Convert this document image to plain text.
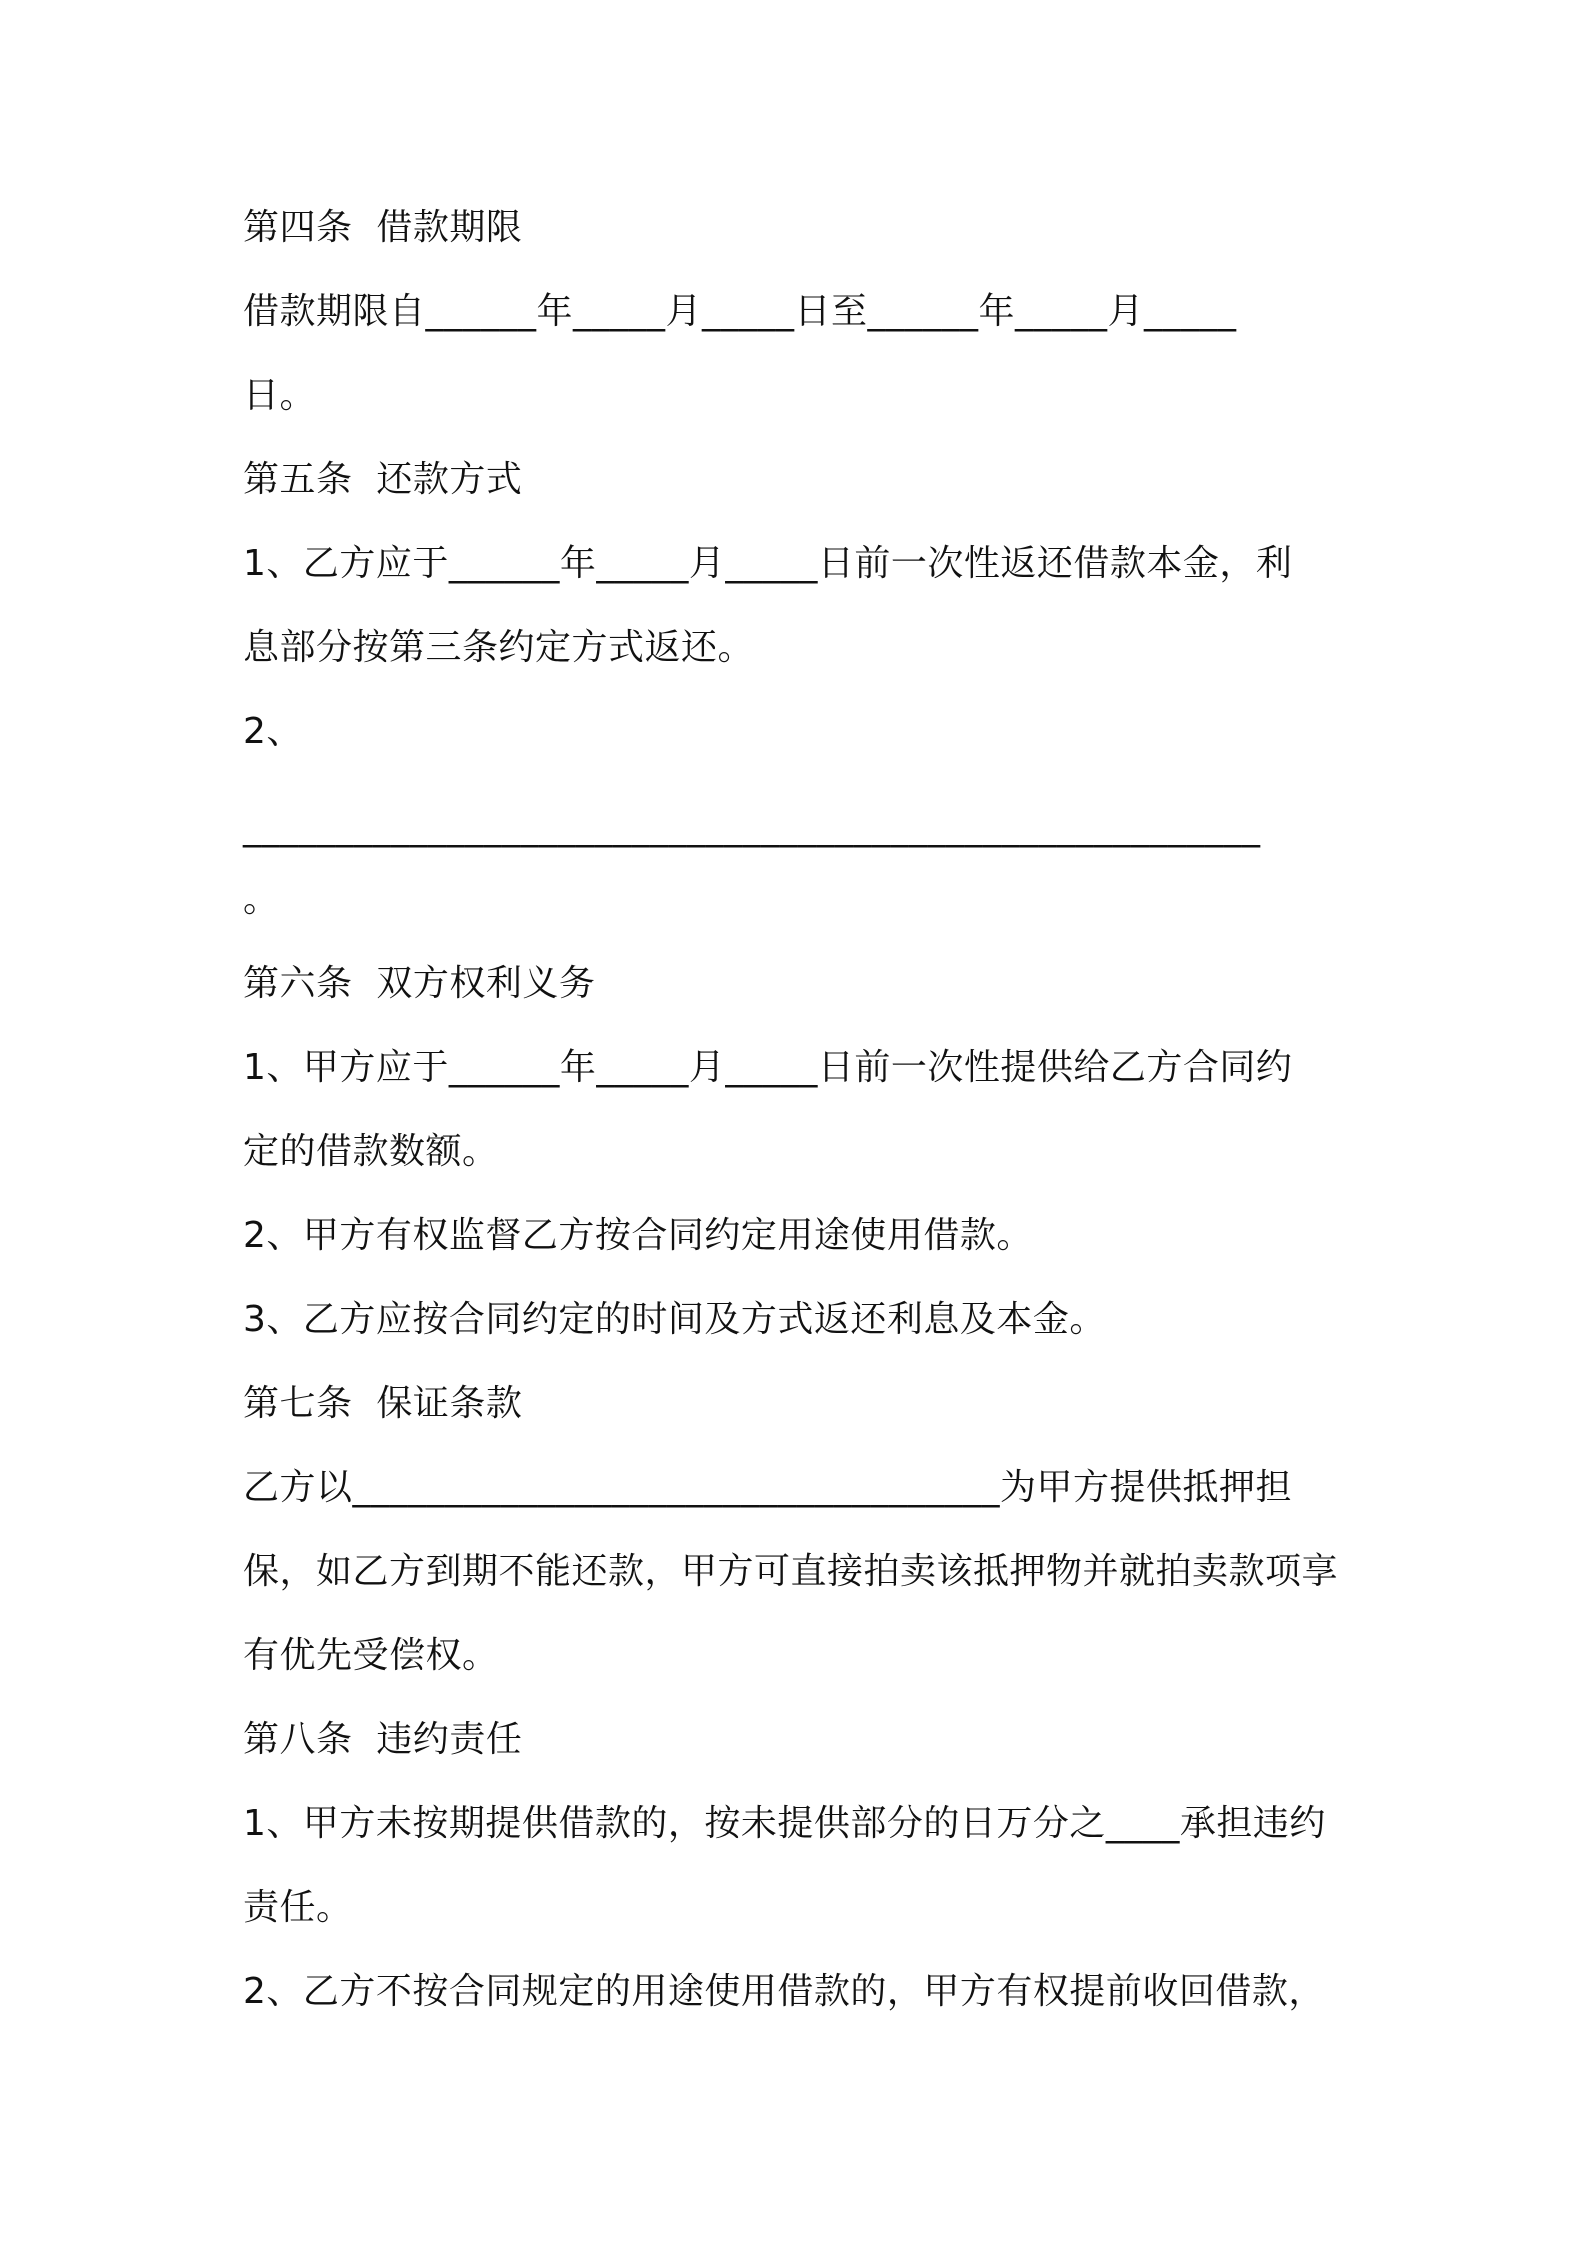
第四条  借款期限
借款期限自______年_____月_____日至______年_____月_____
日。
第五条  还款方式
1、乙方应于______年_____月_____日前一次性返还借款本金，利
息部分按第三条约定方式返还。
2、
_______________________________________________________
。
第六条  双方权利义务
1、甲方应于______年_____月_____日前一次性提供给乙方合同约
定的借款数额。
2、甲方有权监督乙方按合同约定用途使用借款。
3、乙方应按合同约定的时间及方式返还利息及本金。
第七条  保证条款
乙方以___________________________________为甲方提供抵押担
保，如乙方到期不能还款，甲方可直接拍卖该抵押物并就拍卖款项享
有优先受偿权。
第八条  违约责任
1、甲方未按期提供借款的，按未提供部分的日万分之____承担违约
责任。
2、乙方不按合同规定的用途使用借款的，甲方有权提前收回借款，
